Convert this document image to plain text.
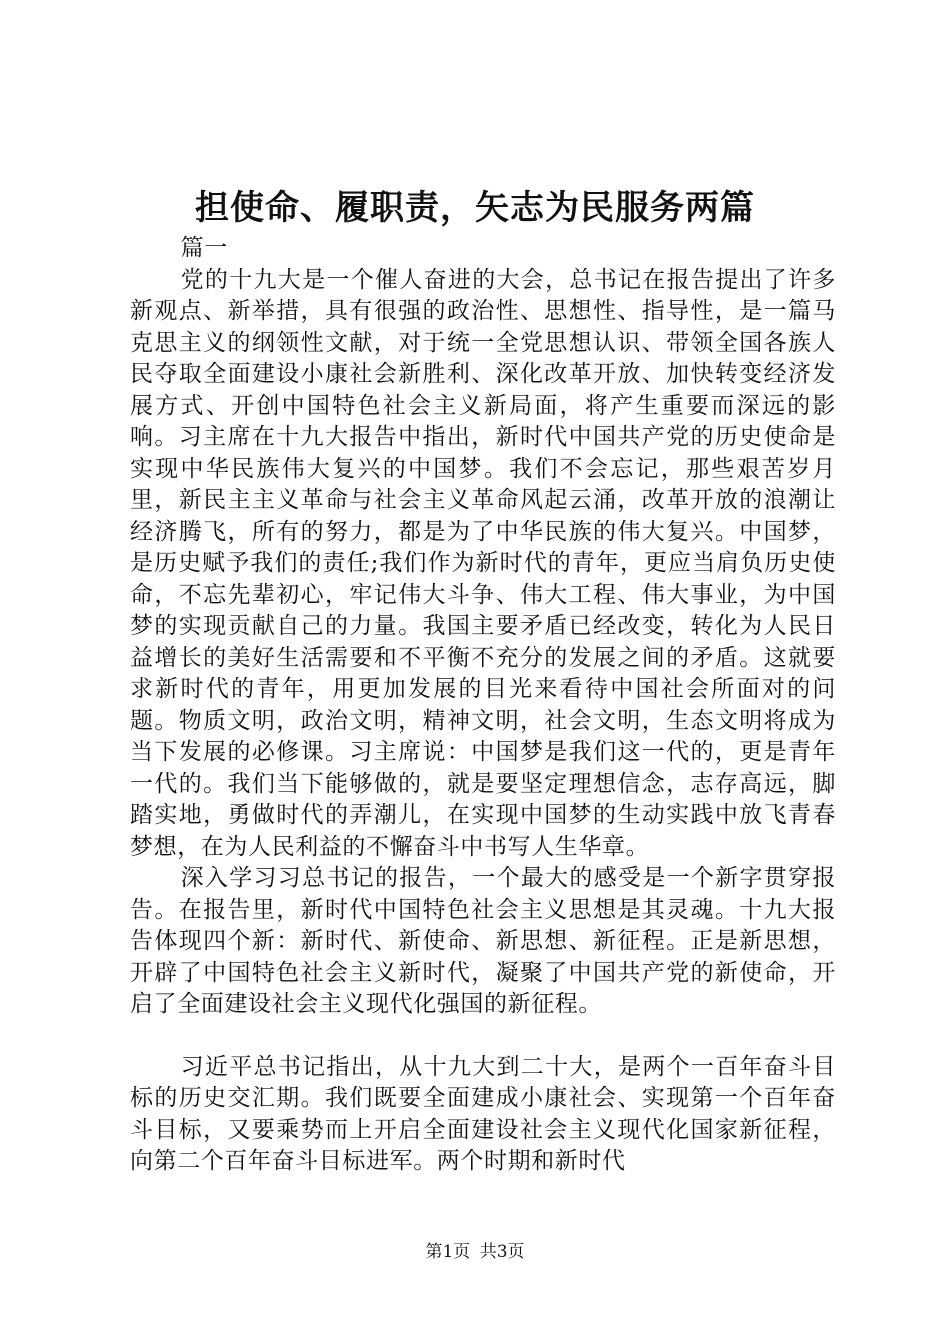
担使命、履职责，矢志为民服务两篇

篇一

党的十九大是一个催人奋进的大会，总书记在报告提出了许多新观点、新举措，具有很强的政治性、思想性、指导性，是一篇马克思主义的纲领性文献，对于统一全党思想认识、带领全国各族人民夺取全面建设小康社会新胜利、深化改革开放、加快转变经济发展方式、开创中国特色社会主义新局面，将产生重要而深远的影响。习主席在十九大报告中指出，新时代中国共产党的历史使命是实现中华民族伟大复兴的中国梦。我们不会忘记，那些艰苦岁月里，新民主主义革命与社会主义革命风起云涌，改革开放的浪潮让经济腾飞，所有的努力，都是为了中华民族的伟大复兴。中国梦，是历史赋予我们的责任;我们作为新时代的青年，更应当肩负历史使命，不忘先辈初心，牢记伟大斗争、伟大工程、伟大事业，为中国梦的实现贡献自己的力量。我国主要矛盾已经改变，转化为人民日益增长的美好生活需要和不平衡不充分的发展之间的矛盾。这就要求新时代的青年，用更加发展的目光来看待中国社会所面对的问题。物质文明，政治文明，精神文明，社会文明，生态文明将成为当下发展的必修课。习主席说：中国梦是我们这一代的，更是青年一代的。我们当下能够做的，就是要坚定理想信念，志存高远，脚踏实地，勇做时代的弄潮儿，在实现中国梦的生动实践中放飞青春梦想，在为人民利益的不懈奋斗中书写人生华章。

深入学习习总书记的报告，一个最大的感受是一个新字贯穿报告。在报告里，新时代中国特色社会主义思想是其灵魂。十九大报告体现四个新：新时代、新使命、新思想、新征程。正是新思想，开辟了中国特色社会主义新时代，凝聚了中国共产党的新使命，开启了全面建设社会主义现代化强国的新征程。

习近平总书记指出，从十九大到二十大，是两个一百年奋斗目标的历史交汇期。我们既要全面建成小康社会、实现第一个百年奋斗目标，又要乘势而上开启全面建设社会主义现代化国家新征程，向第二个百年奋斗目标进军。两个时期和新时代

第1页 共3页
